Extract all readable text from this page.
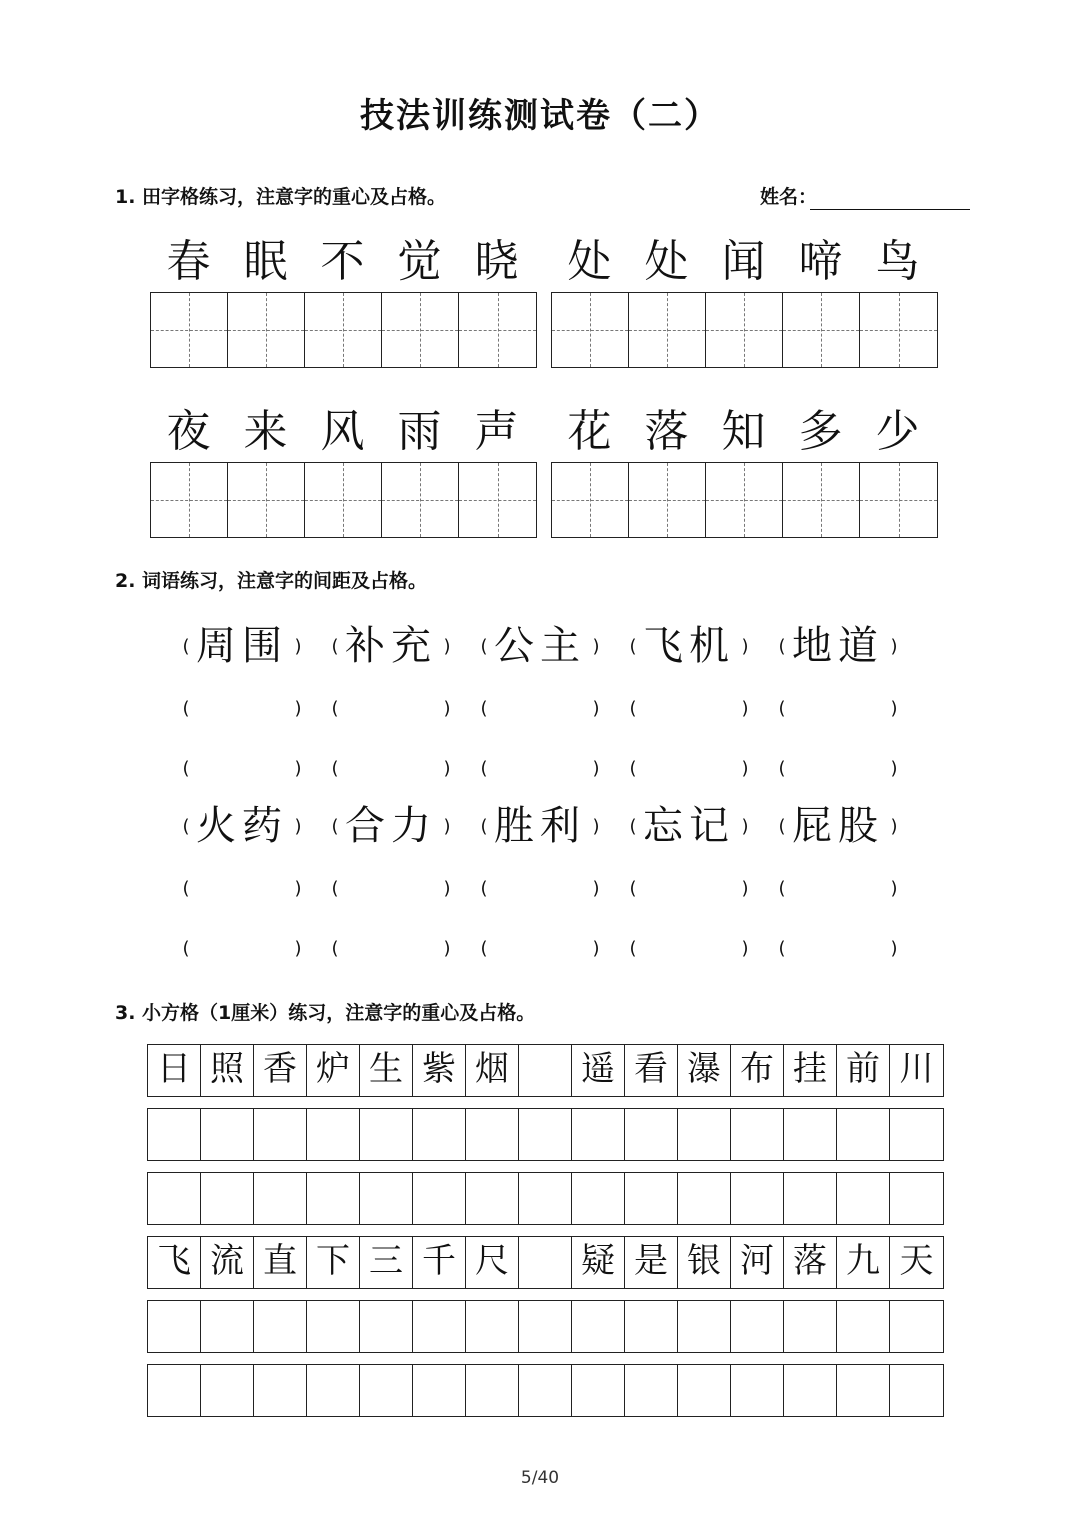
技法训练测试卷（二）
1. 田字格练习，注意字的重心及占格。	姓名：
春 眠 不 觉 晓	处 处 闻 啼 鸟
夜 来 风 雨 声	花 落 知 多 少
2. 词语练习，注意字的间距及占格。
( 周围 ) ( 补充 ) ( 公主 ) ( 飞机 ) ( 地道 )
(	) (	) (	) (	) (	)
(	) (	) (	) (	) (	)
( 火药 ) ( 合力 ) ( 胜利 ) ( 忘记 ) ( 屁股 )
(	) (	) (	) (	) (	)
(	) (	) (	) (	) (	)
3. 小方格（1厘米）练习，注意字的重心及占格。
日 照 香 炉 生 紫 烟 遥 看 瀑 布 挂 前 川
飞 流 直 下 三 千 尺 疑 是 银 河 落 九 天
5/40
